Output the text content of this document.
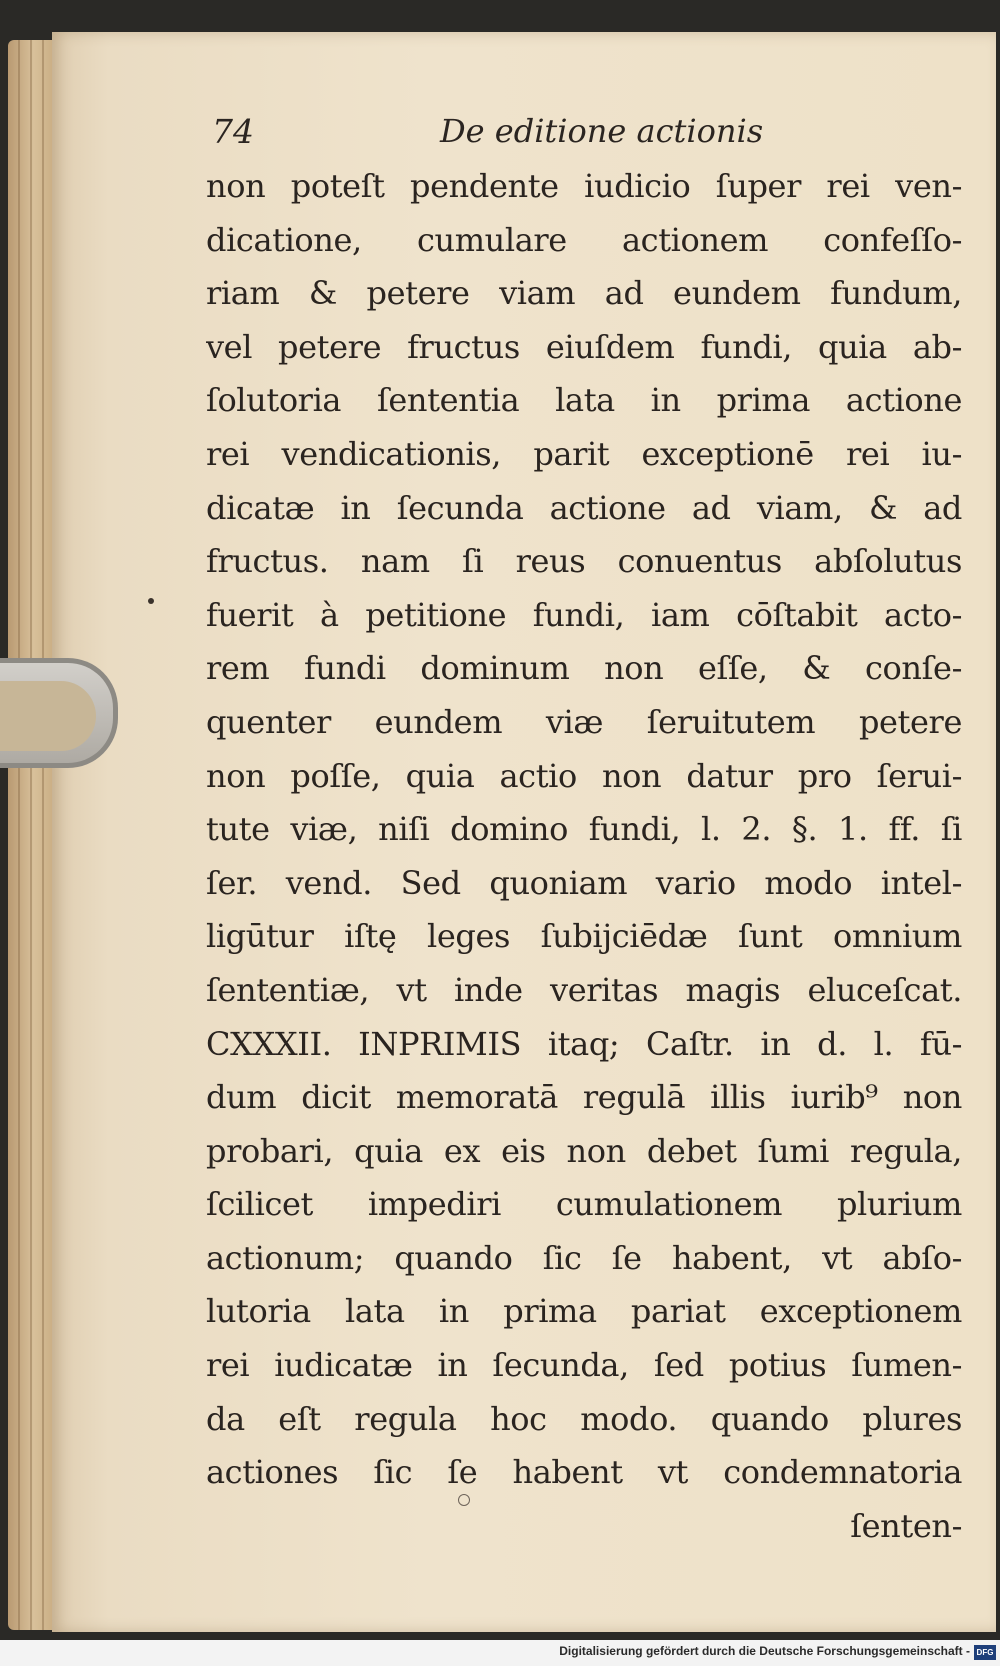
74	De editione actionis
non poteſt pendente iudicio ſuper rei ven-
dicatione, cumulare actionem confeſſo-
riam & petere viam ad eundem fundum,
vel petere fructus eiuſdem fundi, quia ab-
ſolutoria ſententia lata in prima actione
rei vendicationis, parit exceptionē rei iu-
dicatæ in ſecunda actione ad viam, & ad
fructus. nam ſi reus conuentus abſolutus
fuerit à petitione fundi, iam cōſtabit acto-
rem fundi dominum non eſſe, & conſe-
quenter eundem viæ ſeruitutem petere
non poſſe, quia actio non datur pro ſerui-
tute viæ, niſi domino fundi, l. 2. §. 1. ff. ſi
ſer. vend. Sed quoniam vario modo intel-
ligūtur iſtę leges ſubijciēdæ ſunt omnium
ſententiæ, vt inde veritas magis eluceſcat.
CXXXII. INPRIMIS itaq; Caſtr. in d. l. fū-
dum dicit memoratā regulā illis iurib⁹ non
probari, quia ex eis non debet ſumi regula,
ſcilicet impediri cumulationem plurium
actionum; quando ſic ſe habent, vt abſo-
lutoria lata in prima pariat exceptionem
rei iudicatæ in ſecunda, ſed potius ſumen-
da eſt regula hoc modo. quando plures
actiones ſic ſe habent vt condemnatoria
ſenten-
Digitalisierung gefördert durch die Deutsche Forschungsgemeinschaft - DFG
